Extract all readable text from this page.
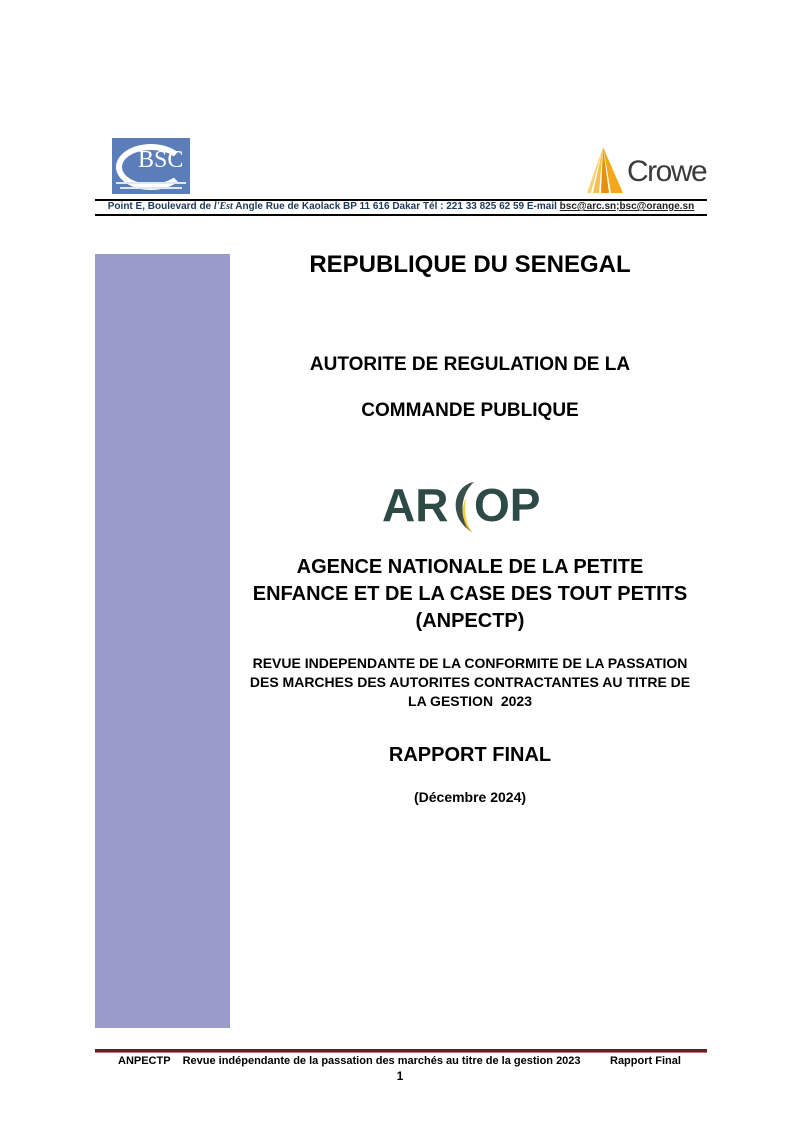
BSC	Crowe
Point E, Boulevard de l'Est Angle Rue de Kaolack BP 11 616 Dakar Tél : 221 33 825 62 59 E-mail bsc@arc.sn;bsc@orange.sn
REPUBLIQUE DU SENEGAL
AUTORITE DE REGULATION DE LA
COMMANDE PUBLIQUE
AR OP
AGENCE NATIONALE DE LA PETITE
ENFANCE ET DE LA CASE DES TOUT PETITS
(ANPECTP)
REVUE INDEPENDANTE DE LA CONFORMITE DE LA PASSATION
DES MARCHES DES AUTORITES CONTRACTANTES AU TITRE DE
LA GESTION  2023
RAPPORT FINAL
(Décembre 2024)
ANPECTP Revue indépendante de la passation des marchés au titre de la gestion 2023	Rapport Final
1
